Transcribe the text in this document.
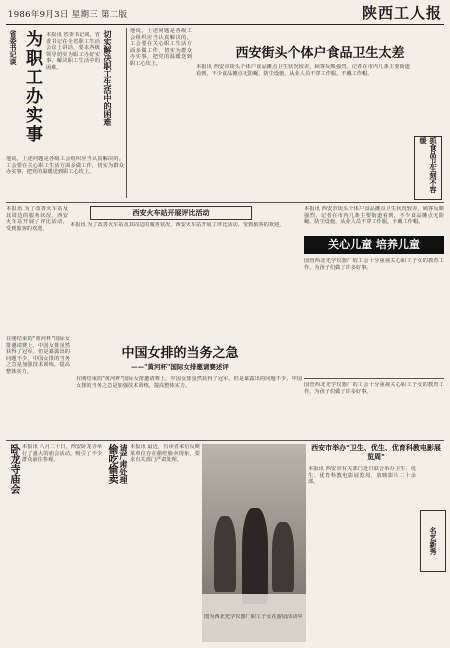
1986年9月3日 星期三 第二版	陕西工人报
省委书记谈 为职工办实事	切实解决职工生活中的困难
本报讯 省委书记谈，省委书记在全省职工生活会议上讲话，要求各级领导切实为职工办好实事，解决职工生活中的困难。
他说，上述问题是各级工会组织应当认真解决的。工会要在关心职工生活方面多做工作，切实为群众办实事，把党的温暖送到职工心坎上。
他说，上述问题是各级工会组织应当认真解决的。工会要在关心职工生活方面多做工作，切实为群众办实事，把党的温暖送到职工心坎上。
西安街头个体户食品卫生太差
本报讯 西安市街头个体户食品摊点卫生状况较差，顾客反映强烈。记者在市内几条主要街道看到，不少食品摊点无防蝇、防尘设施，从业人员不穿工作服，不戴工作帽。
抓食品卫生刻不容缓
本报讯 为了改善火车站及其周边的服务状况，西安火车站开展了评比活动，受到旅客的欢迎。
西安火车站开展评比活动
本报讯 为了改善火车站及其周边的服务状况，西安火车站开展了评比活动，受到旅客的欢迎。
关心儿童 培养儿童
本报讯 西安市街头个体户食品摊点卫生状况较差，顾客反映强烈。记者在市内几条主要街道看到，不少食品摊点无防蝇、防尘设施，从业人员不穿工作服，不戴工作帽。
国营西北光学仪器厂的工会十分重视关心职工子女的教育工作，为孩子们做了许多好事。
中国女排的当务之急
——"黄河杯"国际女排邀请赛述评
在刚结束的"黄河杯"国际女排邀请赛上，中国女排虽然获得了冠军，但是暴露出的问题不少。中国女排的当务之急是加强技术训练，提高整体实力。
在刚结束的"黄河杯"国际女排邀请赛上，中国女排虽然获得了冠军，但是暴露出的问题不少。中国女排的当务之急是加强技术训练，提高整体实力。	国营西北光学仪器厂的工会十分重视关心职工子女的教育工作，为孩子们做了许多好事。
卧龙寺庙会 本报讯 八月二十日，西安卧龙寺举行了盛大的庙会活动，吸引了不少群众前往参观。	偷吃偷卖 请严肃处理 本报讯 最近，有读者来信反映某单位存在偷吃偷卖现象，要求有关部门严肃处理。
图为西北光学仪器厂职工子女在游园活动中
西安市举办"卫生、优生、优育科教电影展览周"
本报讯 西安市有关部门近日联合举办卫生、优生、优育科教电影展览周，放映影片二十余部。
名艺新秀
